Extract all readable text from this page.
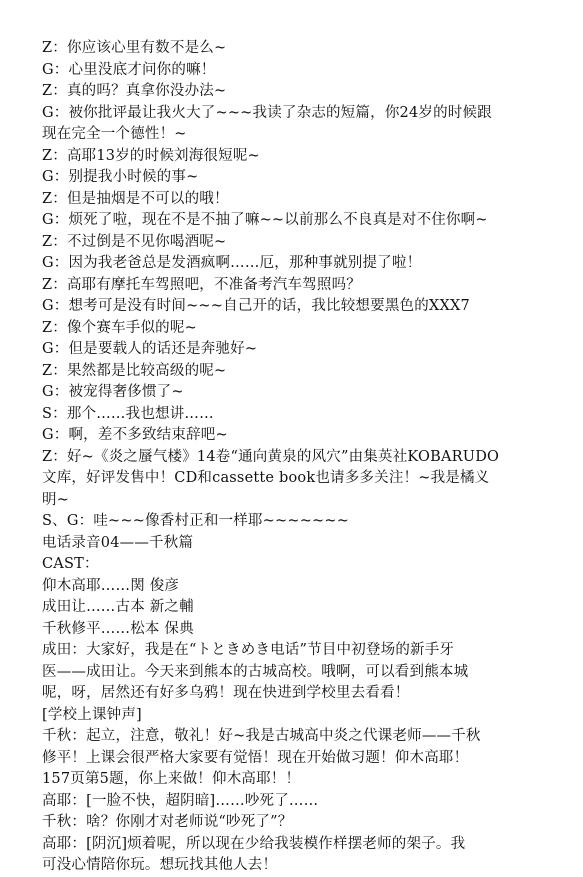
Z：你应该心里有数不是么~
G：心里没底才问你的嘛！
Z：真的吗？真拿你没办法~
G：被你批评最让我火大了~~~我读了杂志的短篇，你24岁的时候跟
现在完全一个德性！~
Z：高耶13岁的时候刘海很短呢~
G：别提我小时候的事~
Z：但是抽烟是不可以的哦！
G：烦死了啦，现在不是不抽了嘛~~以前那么不良真是对不住你啊~
Z：不过倒是不见你喝酒呢~
G：因为我老爸总是发酒疯啊……厄，那种事就别提了啦！
Z：高耶有摩托车驾照吧，不准备考汽车驾照吗？
G：想考可是没有时间~~~自己开的话，我比较想要黑色的XXX7
Z：像个赛车手似的呢~
G：但是要载人的话还是奔驰好~
Z：果然都是比较高级的呢~
G：被宠得奢侈惯了~
S：那个……我也想讲……
G：啊，差不多致结束辞吧~
Z：好~《炎之蜃气楼》14卷“通向黄泉的风穴”由集英社KOBARUDO
文库，好评发售中！CD和cassette book也请多多关注！~我是橘义
明~
S、G：哇~~~像香村正和一样耶~~~~~~~
电话录音04——千秋篇
CAST：
仰木高耶……関 俊彦
成田让……古本 新之輔
千秋修平……松本 保典
成田：大家好，我是在“トときめき电话”节目中初登场的新手牙
医——成田让。今天来到熊本的古城高校。哦啊，可以看到熊本城
呢，呀，居然还有好多乌鸦！现在快进到学校里去看看！
[学校上课钟声]
千秋：起立，注意，敬礼！好~我是古城高中炎之代课老师——千秋
修平！上课会很严格大家要有觉悟！现在开始做习题！仰木高耶！
157页第5题，你上来做！仰木高耶！！
高耶：[一脸不快，超阴暗]……吵死了……
千秋：啥？你刚才对老师说“吵死了”？
高耶：[阴沉]烦着呢，所以现在少给我装模作样摆老师的架子。我
可没心情陪你玩。想玩找其他人去！
